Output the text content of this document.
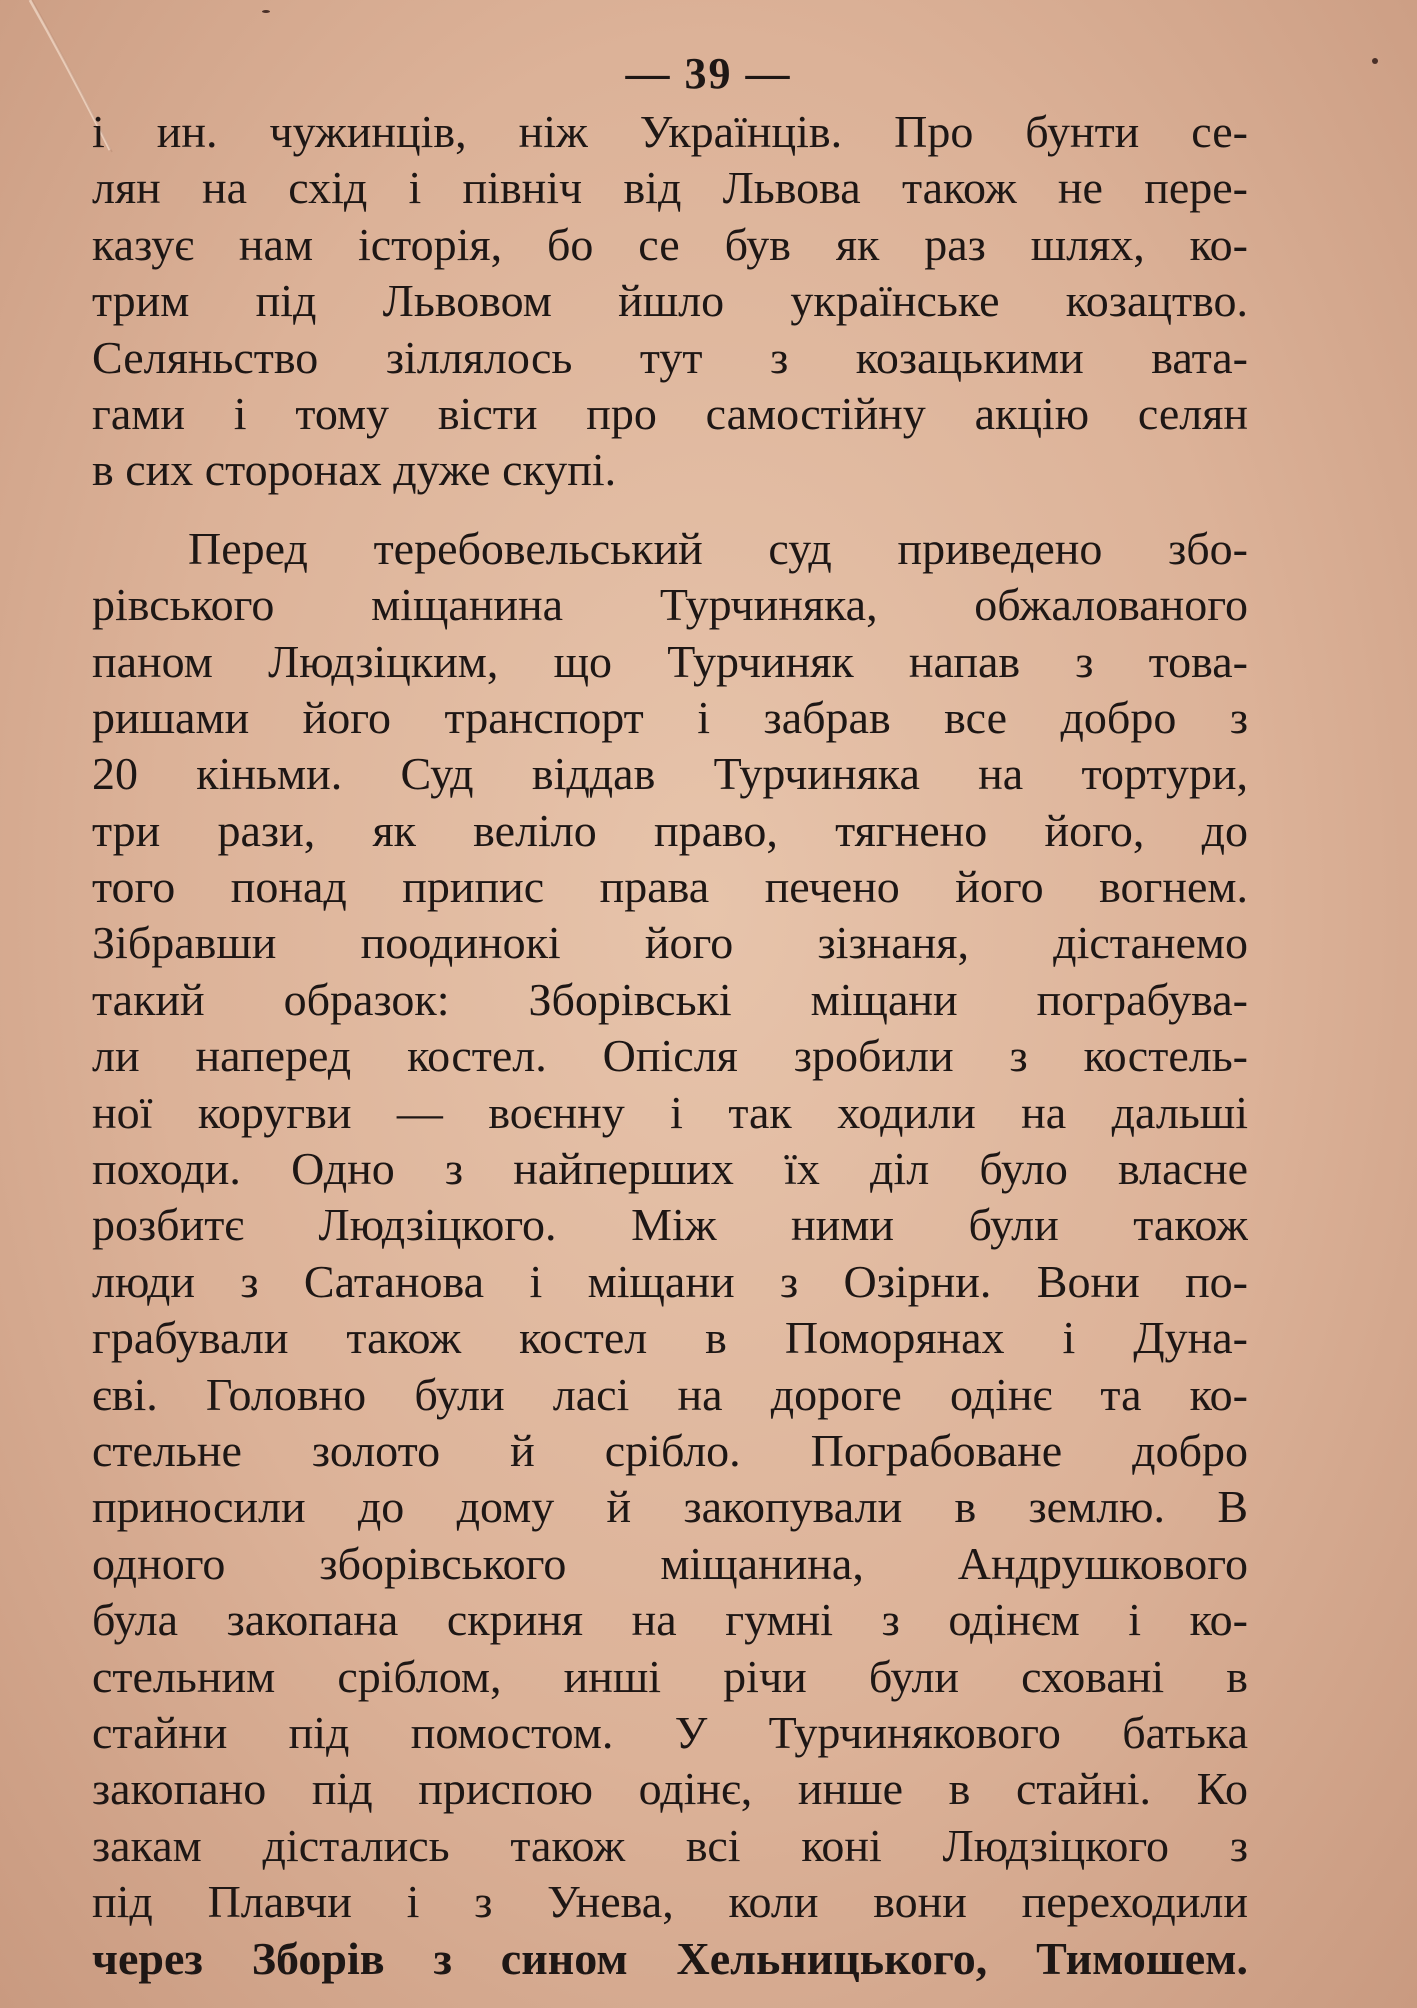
— 39 —
і ин. чужинців, ніж Українців. Про бунти се-
лян на схід і північ від Львова також не пере-
казує нам історія, бо се був як раз шлях, ко-
трим під Львовом йшло українське козацтво.
Селяньство зіллялось тут з козацькими вата-
гами і тому вісти про самостійну акцію селян
в сих сторонах дуже скупі.
Перед теребовельський суд приведено збо-
рівського міщанина Турчиняка, обжалованого
паном Людзіцким, що Турчиняк напав з това-
ришами його транспорт і забрав все добро з
20 кіньми. Суд віддав Турчиняка на тортури,
три рази, як веліло право, тягнено його, до
того понад припис права печено його вогнем.
Зібравши поодинокі його зізнаня, дістанемо
такий образок: Зборівські міщани пограбува-
ли наперед костел. Опісля зробили з костель-
ної коругви — воєнну і так ходили на дальші
походи. Одно з найперших їх діл було власне
розбитє Людзіцкого. Між ними були також
люди з Сатанова і міщани з Озірни. Вони по-
грабували також костел в Поморянах і Дуна-
єві. Головно були ласі на дороге одінє та ко-
стельне золото й срібло. Пограбоване добро
приносили до дому й закопували в землю. В
одного зборівського міщанина, Андрушкового
була закопана скриня на гумні з одінєм і ко-
стельним сріблом, инші річи були сховані в
стайни під помостом. У Турчинякового батька
закопано під приспою одінє, инше в стайні. Ко
закам дістались також всі коні Людзіцкого з
під Плавчи і з Унева, коли вони переходили
через Зборів з сином Хельницького, Тимошем.
